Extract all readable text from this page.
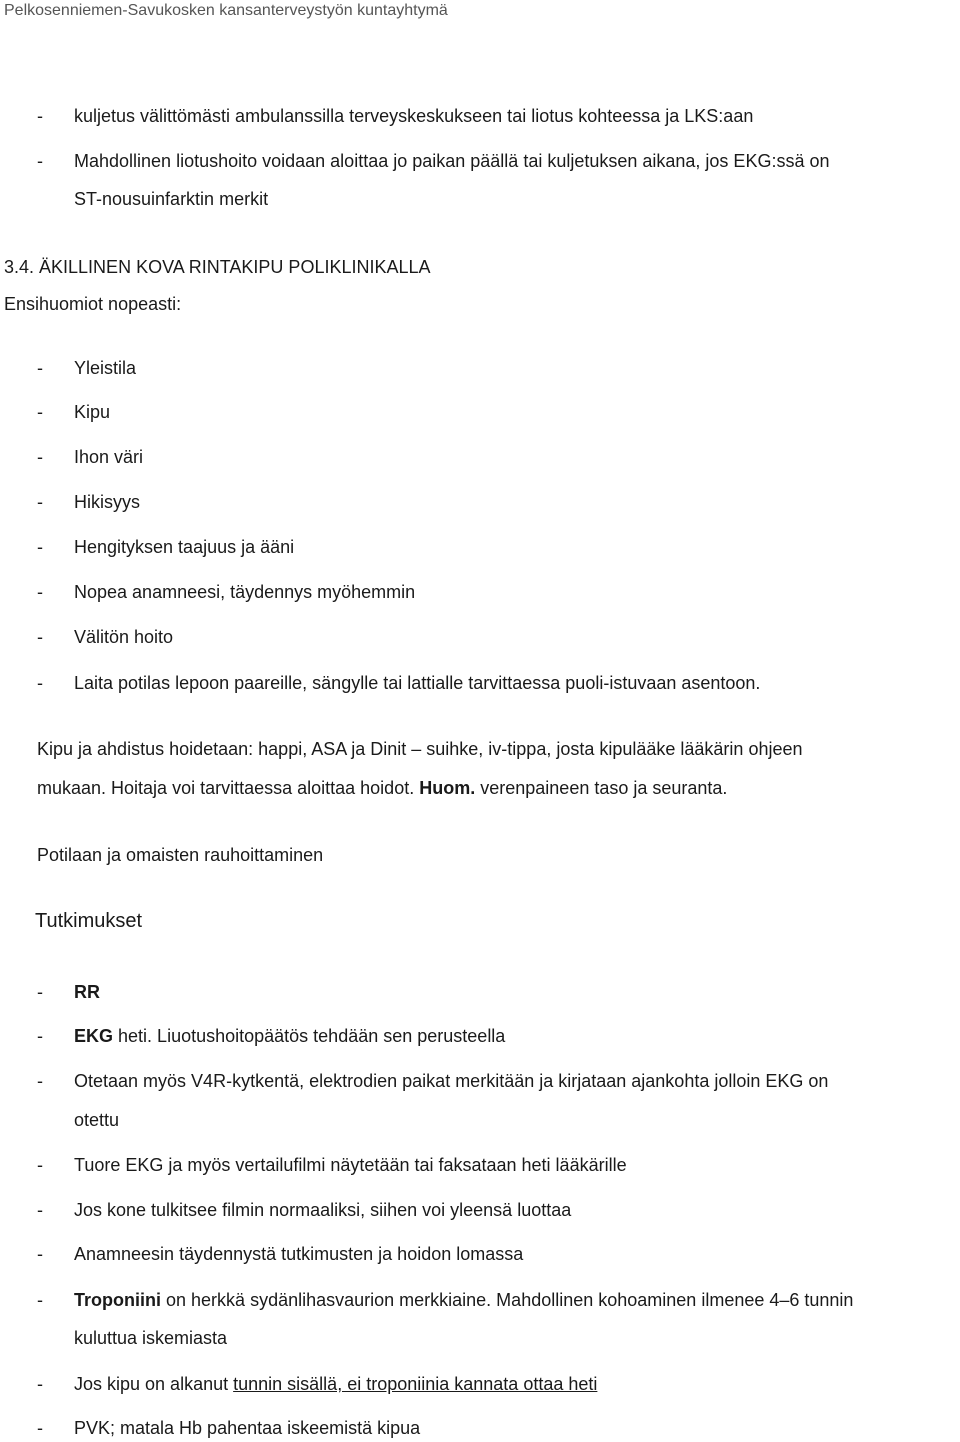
Pelkosenniemen-Savukosken kansanterveystyön kuntayhtymä
- kuljetus välittömästi ambulanssilla terveyskeskukseen tai liotus kohteessa ja LKS:aan
- Mahdollinen liotushoito voidaan aloittaa jo paikan päällä tai kuljetuksen aikana, jos EKG:ssä on
ST-nousuinfarktin merkit
3.4. ÄKILLINEN KOVA RINTAKIPU POLIKLINIKALLA
Ensihuomiot nopeasti:
- Yleistila
- Kipu
- Ihon väri
- Hikisyys
- Hengityksen taajuus ja ääni
- Nopea anamneesi, täydennys myöhemmin
- Välitön hoito
- Laita potilas lepoon paareille, sängylle tai lattialle tarvittaessa puoli-istuvaan asentoon.
Kipu ja ahdistus hoidetaan: happi, ASA ja Dinit – suihke, iv-tippa, josta kipulääke lääkärin ohjeen
mukaan. Hoitaja voi tarvittaessa aloittaa hoidot. Huom. verenpaineen taso ja seuranta.
Potilaan ja omaisten rauhoittaminen
Tutkimukset
- RR
- EKG heti. Liuotushoitopäätös tehdään sen perusteella
- Otetaan myös V4R-kytkentä, elektrodien paikat merkitään ja kirjataan ajankohta jolloin EKG on
otettu
- Tuore EKG ja myös vertailufilmi näytetään tai faksataan heti lääkärille
- Jos kone tulkitsee filmin normaaliksi, siihen voi yleensä luottaa
- Anamneesin täydennystä tutkimusten ja hoidon lomassa
- Troponiini on herkkä sydänlihasvaurion merkkiaine. Mahdollinen kohoaminen ilmenee 4–6 tunnin
kuluttua iskemiasta
- Jos kipu on alkanut tunnin sisällä, ei troponiinia kannata ottaa heti
- PVK; matala Hb pahentaa iskeemistä kipua
